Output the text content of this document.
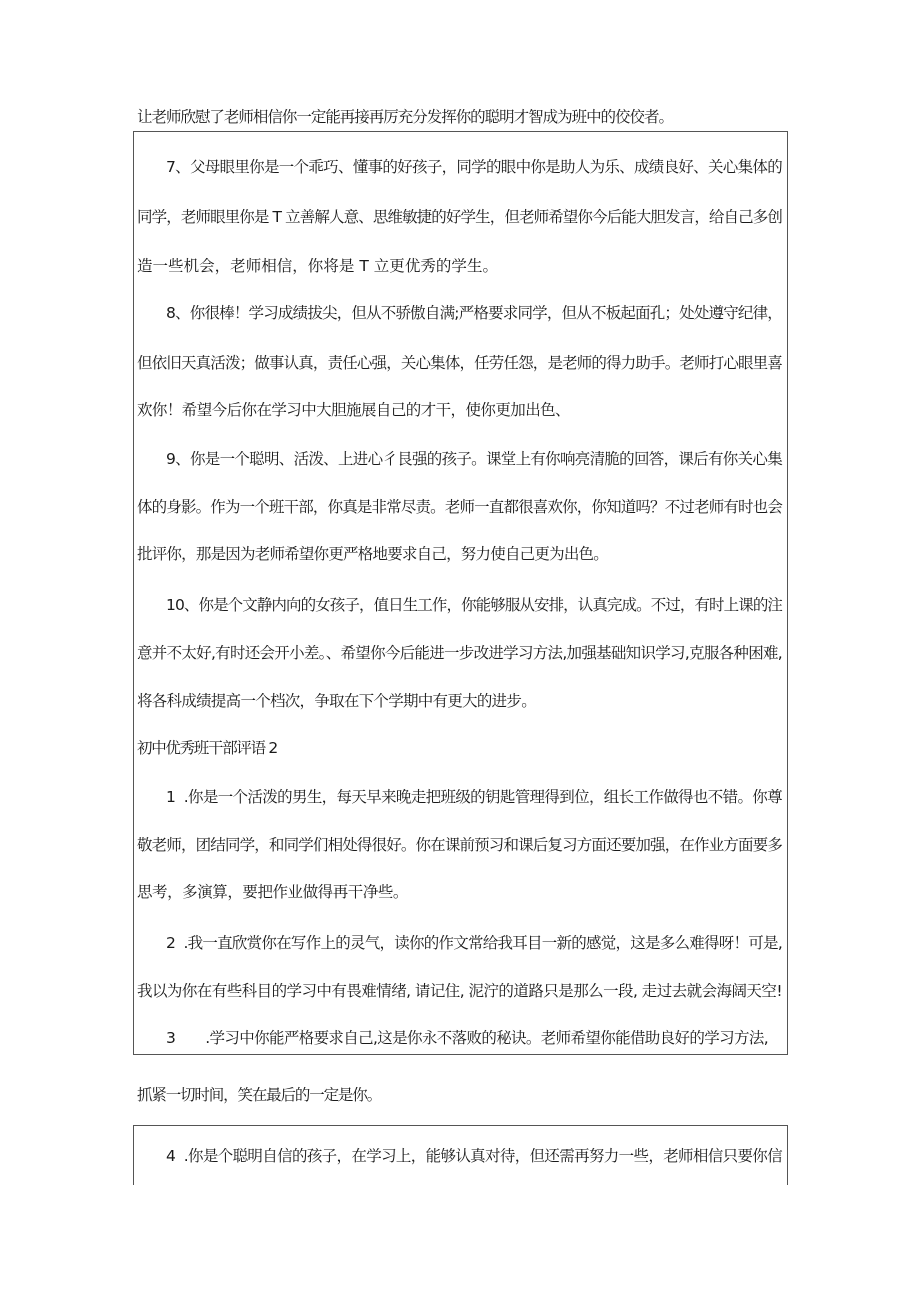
让老师欣慰了老师相信你一定能再接再厉充分发挥你的聪明才智成为班中的佼佼者。
7、父母眼里你是一个乖巧、懂事的好孩子，同学的眼中你是助人为乐、成绩良好、关心集体的
同学，老师眼里你是 T 立善解人意、思维敏捷的好学生，但老师希望你今后能大胆发言，给自己多创
造一些机会，老师相信，你将是 T 立更优秀的学生。
8、你很棒！学习成绩拔尖，但从不骄傲自满;严格要求同学，但从不板起面孔；处处遵守纪律，
但依旧天真活泼；做事认真，责任心强，关心集体，任劳任怨，是老师的得力助手。老师打心眼里喜
欢你！希望今后你在学习中大胆施展自己的才干，使你更加出色、
9、你是一个聪明、活泼、上进心彳艮强的孩子。课堂上有你响亮清脆的回答，课后有你关心集
体的身影。作为一个班干部，你真是非常尽责。老师一直都很喜欢你，你知道吗？不过老师有时也会
批评你，那是因为老师希望你更严格地要求自己，努力使自己更为出色。
10、你是个文静内向的女孩子，值日生工作，你能够服从安排，认真完成。不过，有时上课的注
意并不太好,有时还会开小差。、希望你今后能进一步改进学习方法,加强基础知识学习,克服各种困难,
将各科成绩提高一个档次，争取在下个学期中有更大的进步。
初中优秀班干部评语 2
1  .你是一个活泼的男生，每天早来晚走把班级的钥匙管理得到位，组长工作做得也不错。你尊
敬老师，团结同学，和同学们相处得很好。你在课前预习和课后复习方面还要加强，在作业方面要多
思考，多演算，要把作业做得再干净些。
2  .我一直欣赏你在写作上的灵气，读你的作文常给我耳目一新的感觉，这是多么难得呀！可是,
我以为你在有些科目的学习中有畏难情绪, 请记住, 泥泞的道路只是那么一段, 走过去就会海阔天空!
3       .学习中你能严格要求自己,这是你永不落败的秘诀。老师希望你能借助良好的学习方法,
抓紧一切时间，笑在最后的一定是你。
4  .你是个聪明自信的孩子，在学习上，能够认真对待，但还需再努力一些，老师相信只要你信
